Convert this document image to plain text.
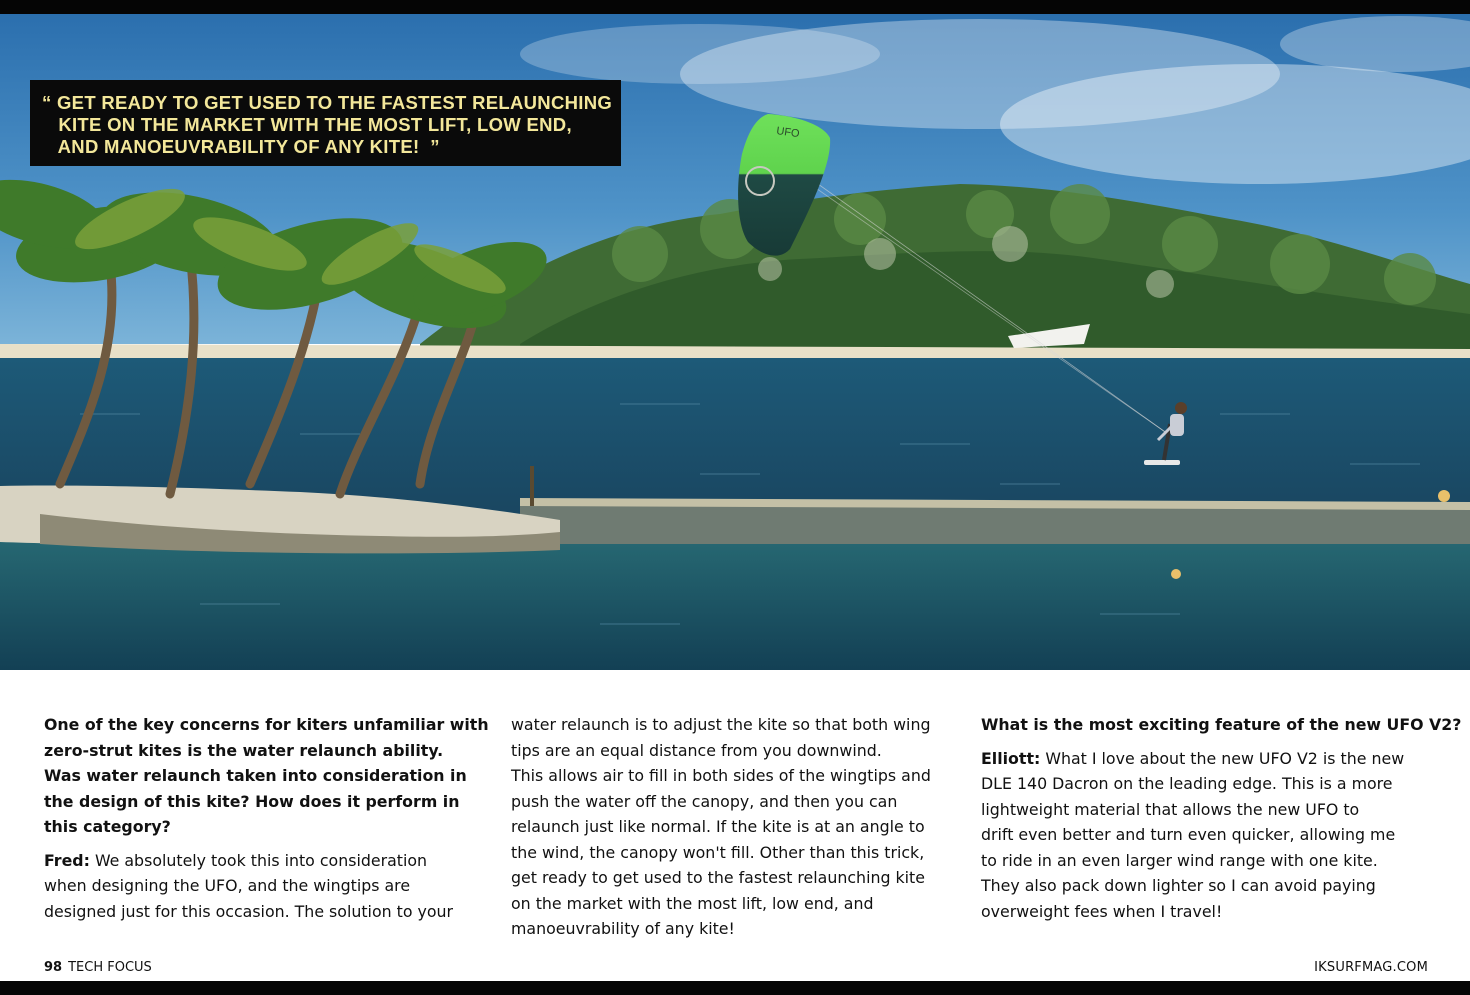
UFO

“ GET READY TO GET USED TO THE FASTEST RELAUNCHING

KITE ON THE MARKET WITH THE MOST LIFT, LOW END,

AND MANOEUVRABILITY OF ANY KITE!  ”

One of the key concerns for kiters unfamiliar with
zero-strut kites is the water relaunch ability.
Was water relaunch taken into consideration in
the design of this kite? How does it perform in
this category?

Fred: We absolutely took this into consideration
when designing the UFO, and the wingtips are
designed just for this occasion. The solution to your

water relaunch is to adjust the kite so that both wing
tips are an equal distance from you downwind.
This allows air to fill in both sides of the wingtips and
push the water off the canopy, and then you can
relaunch just like normal. If the kite is at an angle to
the wind, the canopy won't fill. Other than this trick,
get ready to get used to the fastest relaunching kite
on the market with the most lift, low end, and
manoeuvrability of any kite!

What is the most exciting feature of the new UFO V2?

Elliott: What I love about the new UFO V2 is the new
DLE 140 Dacron on the leading edge. This is a more
lightweight material that allows the new UFO to
drift even better and turn even quicker, allowing me
to ride in an even larger wind range with one kite.
They also pack down lighter so I can avoid paying
overweight fees when I travel!

98 TECH FOCUS	IKSURFMAG.COM
